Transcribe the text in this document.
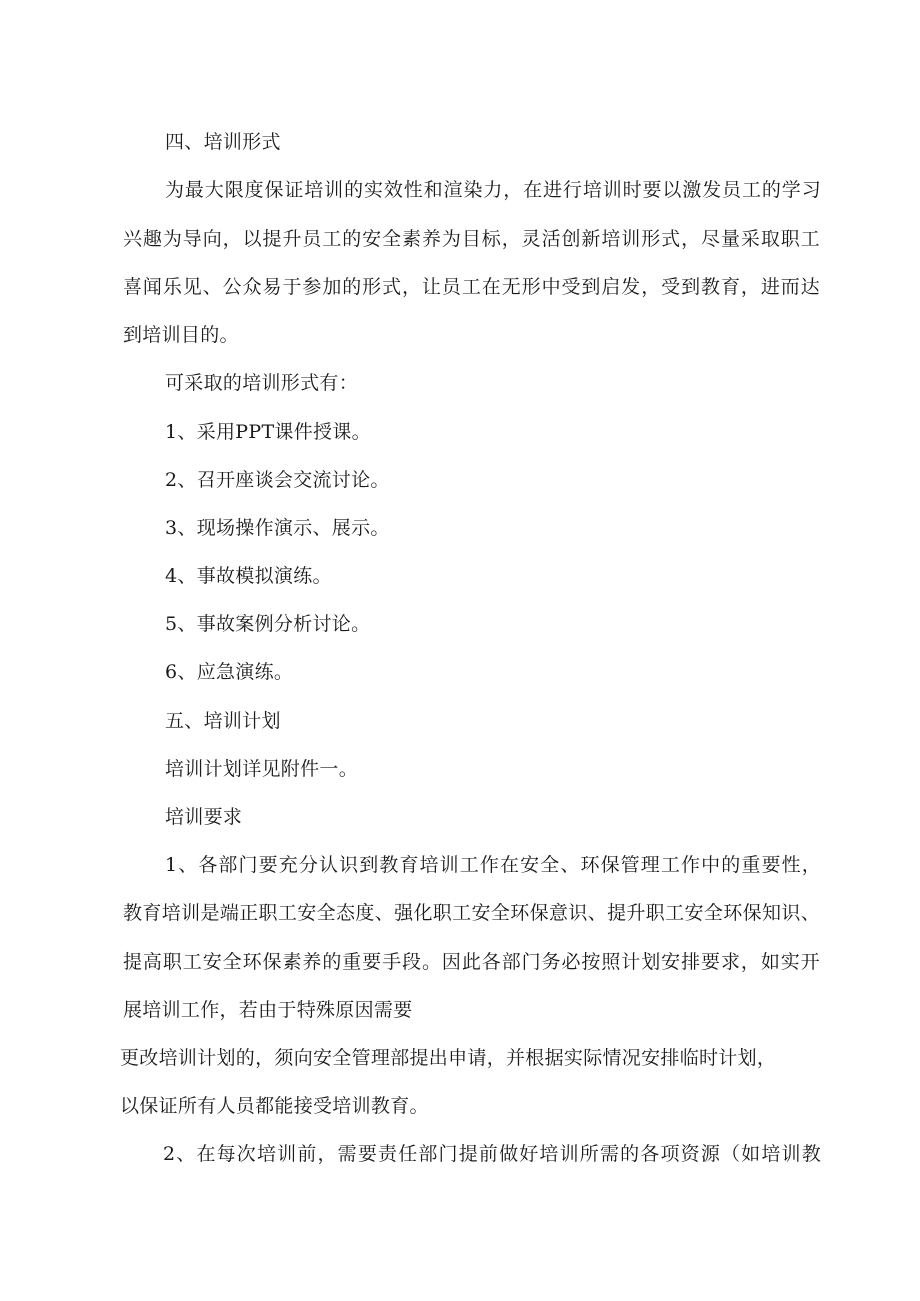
四、培训形式
为最大限度保证培训的实效性和渲染力，在进行培训时要以激发员工的学习
兴趣为导向，以提升员工的安全素养为目标，灵活创新培训形式，尽量采取职工
喜闻乐见、公众易于参加的形式，让员工在无形中受到启发，受到教育，进而达
到培训目的。
可采取的培训形式有：
1、采用PPT课件授课。
2、召开座谈会交流讨论。
3、现场操作演示、展示。
4、事故模拟演练。
5、事故案例分析讨论。
6、应急演练。
五、培训计划
培训计划详见附件一。
培训要求
1、各部门要充分认识到教育培训工作在安全、环保管理工作中的重要性，
教育培训是端正职工安全态度、强化职工安全环保意识、提升职工安全环保知识、
提高职工安全环保素养的重要手段。因此各部门务必按照计划安排要求，如实开
展培训工作，若由于特殊原因需要
更改培训计划的，须向安全管理部提出申请，并根据实际情况安排临时计划，
以保证所有人员都能接受培训教育。
2、在每次培训前，需要责任部门提前做好培训所需的各项资源（如培训教
